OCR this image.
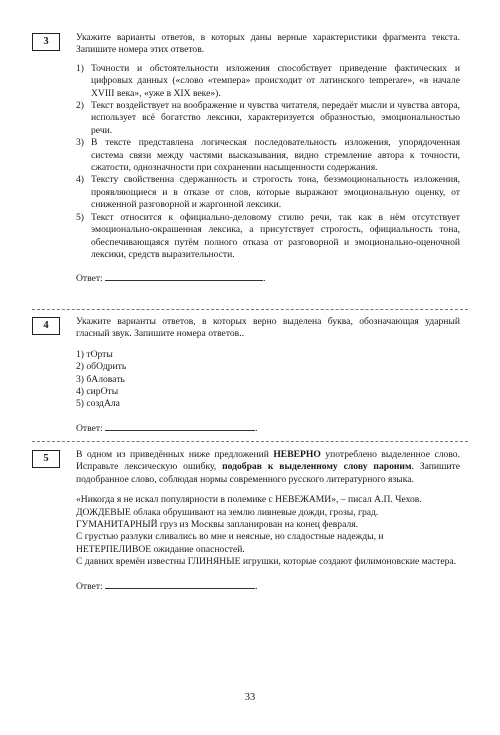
3	Укажите варианты ответов, в которых даны верные характеристики фрагмента текста. Запишите номера этих ответов.

1) Точности и обстоятельности изложения способствует приведение фактических и цифровых данных («слово «темпера» происходит от латинского temperare», «в начале XVIII века», «уже в XIX веке»).
2) Текст воздействует на воображение и чувства читателя, передаёт мысли и чувства автора, использует всё богатство лексики, характеризуется образностью, эмоциональностью речи.
3) В тексте представлена логическая последовательность изложения, упорядоченная система связи между частями высказывания, видно стремление автора к точности, сжатости, однозначности при сохранении насыщенности содержания.
4) Тексту свойственна сдержанность и строгость тона, безэмоциональность изложения, проявляющиеся и в отказе от слов, которые выражают эмоциональную оценку, от сниженной разговорной и жаргонной лексики.
5) Текст относится к официально-деловому стилю речи, так как в нём отсутствует эмоционально-окрашенная лексика, а присутствует строгость, официальность тона, обеспечивающаяся путём полного отказа от разговорной и эмоционально-оценочной лексики, средств выразительности.

Ответ:	.

4	Укажите варианты ответов, в которых верно выделена буква, обозначающая ударный гласный звук. Запишите номера ответов..

1) тОрты

2) обОдрить

3) бАловать

4) сирОты

5) создАла

Ответ:	.

5	В одном из приведённых ниже предложений НЕВЕРНО употреблено выделенное слово. Исправьте лексическую ошибку, подобрав к выделенному слову пароним. Запишите подобранное слово, соблюдая нормы современного русского литературного языка.

«Никогда я не искал популярности в полемике с НЕВЕЖАМИ», – писал А.П. Чехов.

ДОЖДЕВЫЕ облака обрушивают на землю ливневые дожди, грозы, град.

ГУМАНИТАРНЫЙ груз из Москвы запланирован на конец февраля.

С грустью разлуки сливались во мне и неясные, но сладостные надежды, и НЕТЕРПЕЛИВОЕ ожидание опасностей.

С давних времён известны ГЛИНЯНЫЕ игрушки, которые создают филимоновские мастера.

Ответ:	.

33
